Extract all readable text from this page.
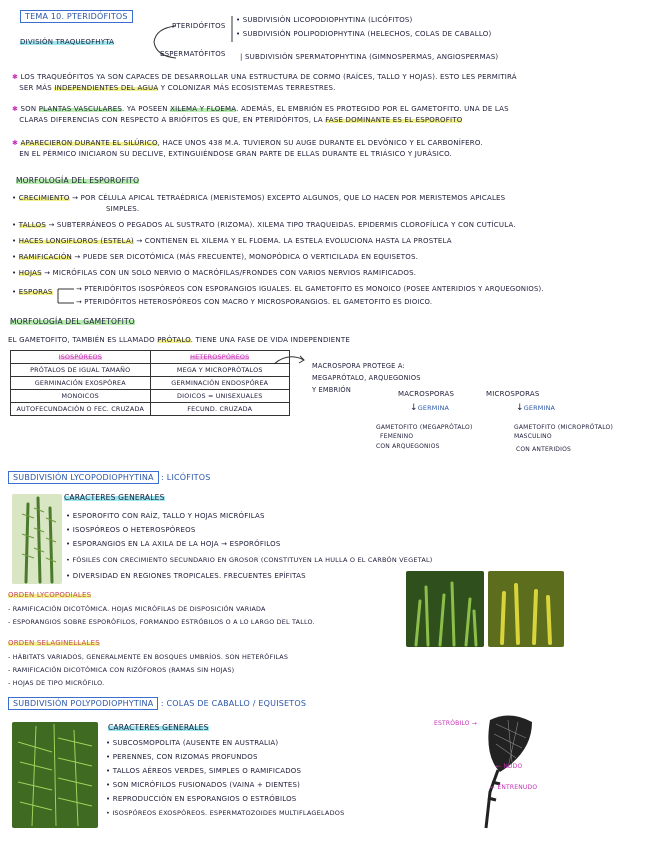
TEMA 10. PTERIDÓFITOS
DIVISIÓN TRAQUEOFHYTA
PTERIDÓFITOS
ESPERMATÓFITOS
• SUBDIVISIÓN LICOPODIOPHYTINA (LICÓFITOS)
• SUBDIVISIÓN POLIPODIOPHYTINA (HELECHOS, COLAS DE CABALLO)
| SUBDIVISIÓN SPERMATOPHYTINA (GIMNOSPERMAS, ANGIOSPERMAS)
✱ LOS TRAQUEÓFITOS YA SON CAPACES DE DESARROLLAR UNA ESTRUCTURA DE CORMO (RAÍCES, TALLO Y HOJAS). ESTO LES PERMITIRÁ
SER MÁS INDEPENDIENTES DEL AGUA Y COLONIZAR MÁS ECOSISTEMAS TERRESTRES.
✱ SON PLANTAS VASCULARES. YA POSEEN XILEMA Y FLOEMA. ADEMÁS, EL EMBRIÓN ES PROTEGIDO POR EL GAMETOFITO. UNA DE LAS
CLARAS DIFERENCIAS CON RESPECTO A BRIÓFITOS ES QUE, EN PTERIDÓFITOS, LA FASE DOMINANTE ES EL ESPOROFITO
✱ APARECIERON DURANTE EL SILÚRICO, HACE UNOS 438 M.A. TUVIERON SU AUGE DURANTE EL DEVÓNICO Y EL CARBONÍFERO.
EN EL PÉRMICO INICIARON SU DECLIVE, EXTINGUIÉNDOSE GRAN PARTE DE ELLAS DURANTE EL TRIÁSICO Y JURÁSICO.
MORFOLOGÍA DEL ESPOROFITO
• CRECIMIENTO → POR CÉLULA APICAL TETRAÉDRICA (MERISTEMOS) EXCEPTO ALGUNOS, QUE LO HACEN POR MERISTEMOS APICALES
SIMPLES.
• TALLOS → SUBTERRÁNEOS O PEGADOS AL SUSTRATO (RIZOMA). XILEMA TIPO TRAQUEIDAS. EPIDERMIS CLOROFÍLICA Y CON CUTÍCULA.
• HACES LONGIFLOROS (ESTELA) → CONTIENEN EL XILEMA Y EL FLOEMA. LA ESTELA EVOLUCIONA HASTA LA PROSTELA
• RAMIFICACIÓN → PUEDE SER DICOTÓMICA (MÁS FRECUENTE), MONOPÓDICA O VERTICILADA EN EQUISETOS.
• HOJAS → MICRÓFILAS CON UN SOLO NERVIO O MACRÓFILAS/FRONDES CON VARIOS NERVIOS RAMIFICADOS.
• ESPORAS	→ PTERIDÓFITOS ISOSPÓREOS CON ESPORANGIOS IGUALES. EL GAMETOFITO ES MONOICO (POSEE ANTERIDIOS Y ARQUEGONIOS).
→ PTERIDÓFITOS HETEROSPÓREOS CON MACRO Y MICROSPORANGIOS. EL GAMETOFITO ES DIOICO.
MORFOLOGÍA DEL GAMETOFITO
EL GAMETOFITO, TAMBIÉN ES LLAMADO PRÓTALO. TIENE UNA FASE DE VIDA INDEPENDIENTE
ISOSPÓREOS	HETEROSPÓREOS
PRÓTALOS DE IGUAL TAMAÑO	MEGA Y MICROPRÓTALOS
GERMINACIÓN EXOSPÓREA	GERMINACIÓN ENDOSPÓREA
MONOICOS	DIOICOS = UNISEXUALES
AUTOFECUNDACIÓN O FEC. CRUZADA	FECUND. CRUZADA
MACROSPORA PROTEGE A:
MEGAPRÓTALO, ARQUEGONIOS
Y EMBRIÓN	MACROSPORAS	MICROSPORAS
↓GERMINA	↓GERMINA
GAMETOFITO (MEGAPRÓTALO)
FEMENINO
CON ARQUEGONIOS
GAMETOFITO (MICROPRÓTALO)
MASCULINO
CON ANTERIDIOS
SUBDIVISIÓN LYCOPODIOPHYTINA : LICÓFITOS
CARACTERES GENERALES
• ESPOROFITO CON RAÍZ, TALLO Y HOJAS MICRÓFILAS
• ISOSPÓREOS O HETEROSPÓREOS
• ESPORANGIOS EN LA AXILA DE LA HOJA → ESPORÓFILOS
• FÓSILES CON CRECIMIENTO SECUNDARIO EN GROSOR (CONSTITUYEN LA HULLA O EL CARBÓN VEGETAL)
• DIVERSIDAD EN REGIONES TROPICALES. FRECUENTES EPÍFITAS
ORDEN LYCOPODIALES
- RAMIFICACIÓN DICOTÓMICA. HOJAS MICRÓFILAS DE DISPOSICIÓN VARIADA
- ESPORANGIOS SOBRE ESPORÓFILOS, FORMANDO ESTRÓBILOS O A LO LARGO DEL TALLO.
ORDEN SELAGINELLALES
- HÁBITATS VARIADOS, GENERALMENTE EN BOSQUES UMBRÍOS. SON HETERÓFILAS
- RAMIFICACIÓN DICOTÓMICA CON RIZÓFOROS (RAMAS SIN HOJAS)
- HOJAS DE TIPO MICRÓFILO.
SUBDIVISIÓN POLYPODIOPHYTINA : COLAS DE CABALLO / EQUISETOS
CARACTERES GENERALES
• SUBCOSMOPOLITA (AUSENTE EN AUSTRALIA)
• PERENNES, CON RIZOMAS PROFUNDOS
• TALLOS AÉREOS VERDES, SIMPLES O RAMIFICADOS
• SON MICRÓFILOS FUSIONADOS (VAINA + DIENTES)
• REPRODUCCIÓN EN ESPORANGIOS O ESTRÓBILOS
• ISOSPÓREOS EXOSPÓREOS. ESPERMATOZOIDES MULTIFLAGELADOS
ESTRÓBILO →
← NUDO
← ENTRENUDO
